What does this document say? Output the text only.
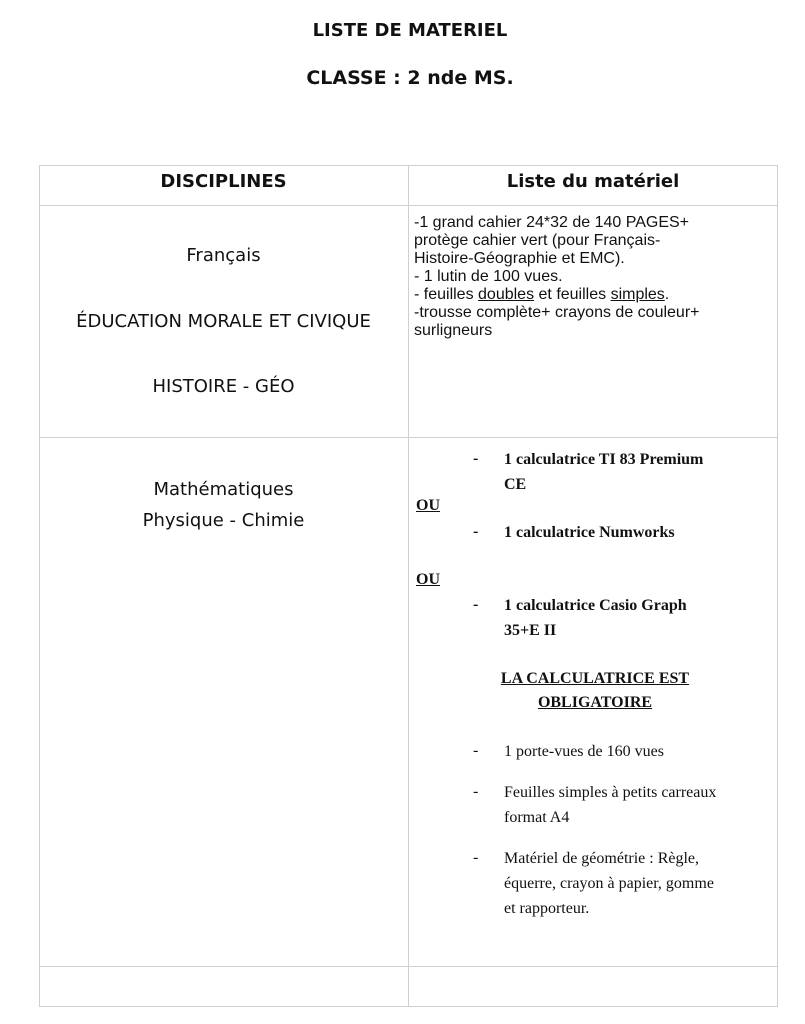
LISTE DE MATERIEL
CLASSE : 2 nde MS.
DISCIPLINES	Liste du matériel
Français
ÉDUCATION MORALE ET CIVIQUE
HISTOIRE - GÉO
-1 grand cahier 24*32 de 140 PAGES+
protège cahier vert (pour Français-
Histoire-Géographie et EMC).
- 1 lutin de 100 vues.
- feuilles doubles et feuilles simples.
-trousse complète+ crayons de couleur+
surligneurs
Mathématiques
Physique - Chimie
- 1 calculatrice TI 83 Premium
CE
OU
- 1 calculatrice Numworks
OU
- 1 calculatrice Casio Graph
35+E II
LA CALCULATRICE EST
OBLIGATOIRE
- 1 porte-vues de 160 vues
- Feuilles simples à petits carreaux
format A4
- Matériel de géométrie : Règle,
équerre, crayon à papier, gomme
et rapporteur.
